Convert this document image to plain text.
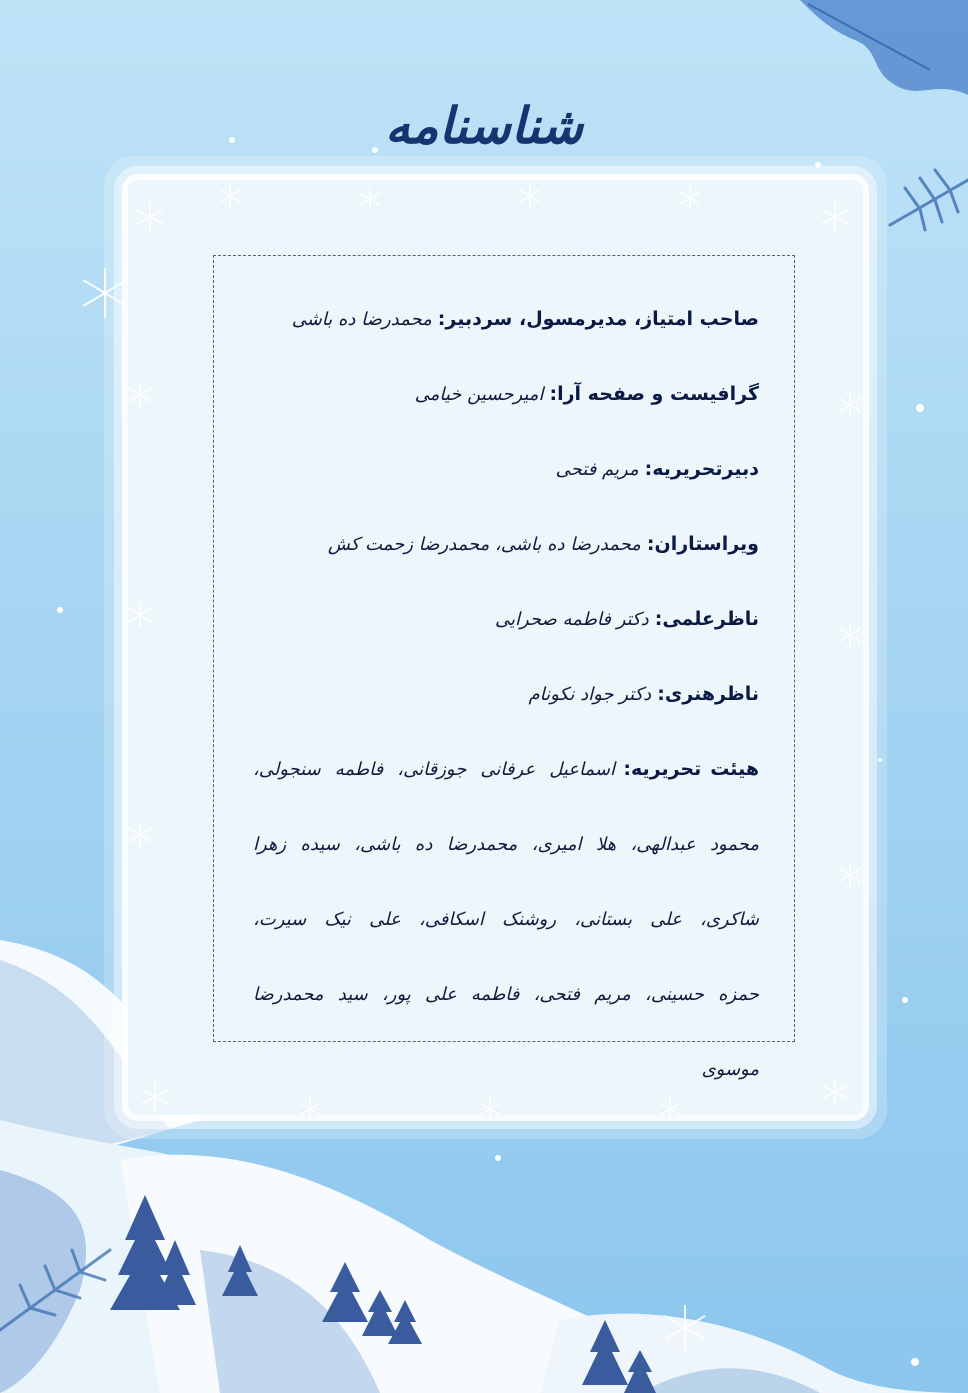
شناسنامه
صاحب امتیاز، مدیرمسول، سردبیر: محمدرضا ده باشی
گرافیست و صفحه آرا: امیرحسین خیامی
دبیرتحریریه: مریم فتحی
ویراستاران: محمدرضا ده باشی، محمدرضا زحمت کش
ناظرعلمی: دکتر فاطمه صحرایی
ناظرهنری: دکتر جواد نکونام
هیئت تحریریه: اسماعیل عرفانی جوزقانی، فاطمه سنجولی، محمود عبدالهی، هلا امیری، محمدرضا ده باشی، سیده زهرا شاکری، علی بستانی، روشنک اسکافی، علی نیک سیرت، حمزه حسینی، مریم فتحی، فاطمه علی پور، سید محمدرضا موسوی
